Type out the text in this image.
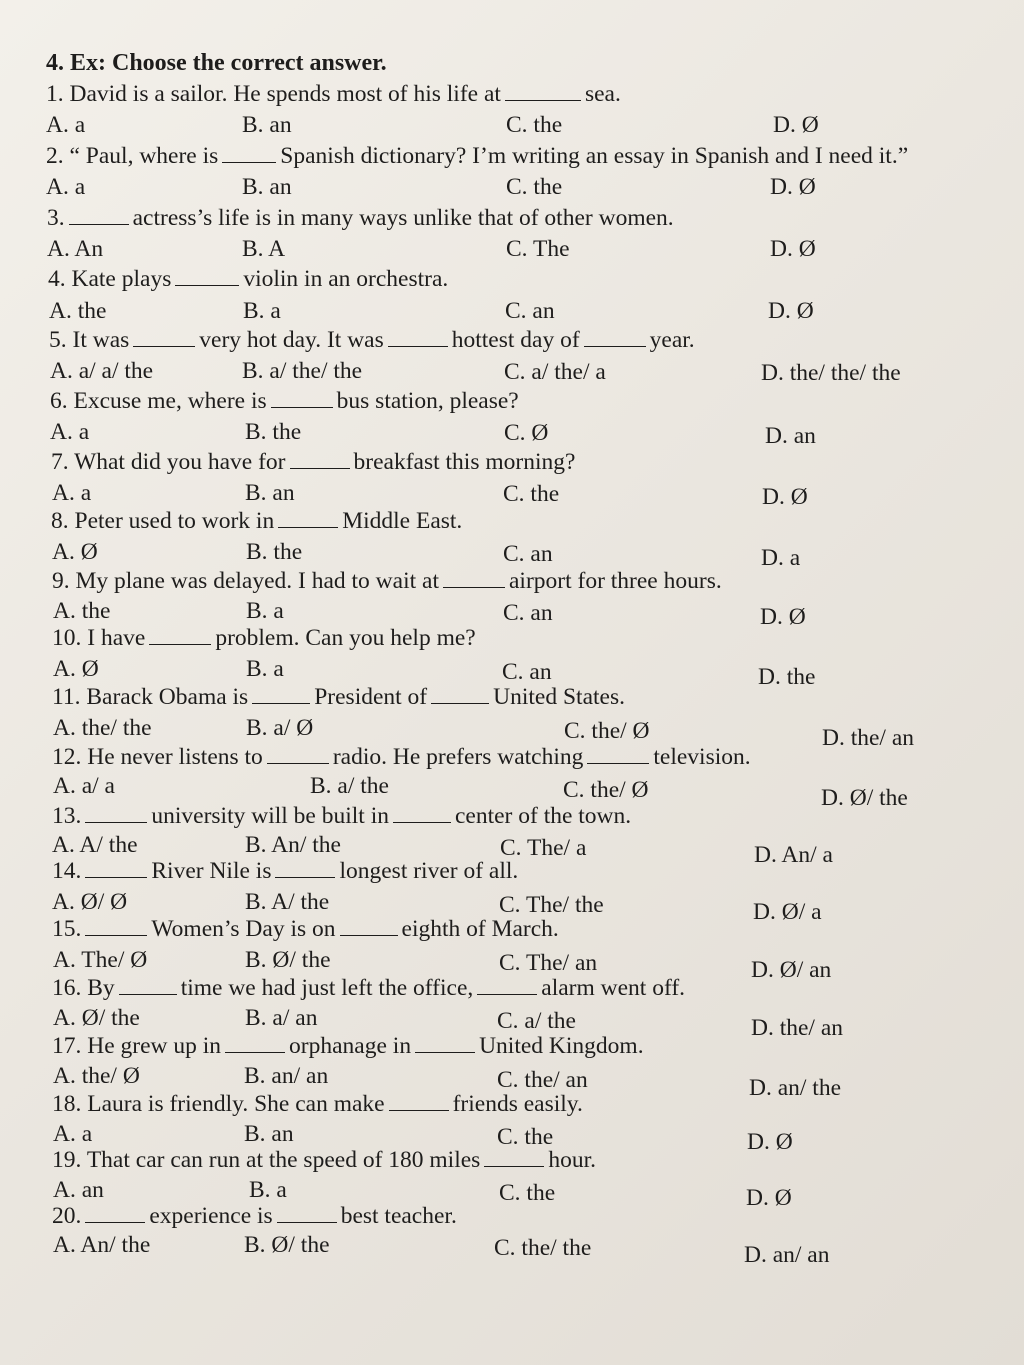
4. Ex: Choose the correct answer.
1. David is a sailor. He spends most of his life at	sea.
A. a	B. an	C. the	D. Ø
2. “ Paul, where is	Spanish dictionary? I’m writing an essay in Spanish and I need it.”
A. a	B. an	C. the	D. Ø
3.	actress’s life is in many ways unlike that of other women.
A. An	B. A	C. The	D. Ø
4. Kate plays	violin in an orchestra.
A. the	B. a	C. an	D. Ø
5. It was	very hot day. It was	hottest day of	year.
A. a/ a/ the	B. a/ the/ the	C. a/ the/ a	D. the/ the/ the
6. Excuse me, where is	bus station, please?
A. a	B. the	C. Ø	D. an
7. What did you have for	breakfast this morning?
A. a	B. an	C. the	D. Ø
8. Peter used to work in	Middle East.
A. Ø	B. the	C. an	D. a
9. My plane was delayed. I had to wait at	airport for three hours.
A. the	B. a	C. an	D. Ø
10. I have	problem. Can you help me?
A. Ø	B. a	C. an	D. the
11. Barack Obama is	President of	United States.
A. the/ the	B. a/ Ø	C. the/ Ø	D. the/ an
12. He never listens to	radio. He prefers watching	television.
A. a/ a	B. a/ the	C. the/ Ø	D. Ø/ the
13.	university will be built in	center of the town.
A. A/ the	B. An/ the	C. The/ a	D. An/ a
14.	River Nile is	longest river of all.
A. Ø/ Ø	B. A/ the	C. The/ the	D. Ø/ a
15.	Women’s Day is on	eighth of March.
A. The/ Ø	B. Ø/ the	C. The/ an	D. Ø/ an
16. By	time we had just left the office,	alarm went off.
A. Ø/ the	B. a/ an	C. a/ the	D. the/ an
17. He grew up in	orphanage in	United Kingdom.
A. the/ Ø	B. an/ an	C. the/ an	D. an/ the
18. Laura is friendly. She can make	friends easily.
A. a	B. an	C. the	D. Ø
19. That car can run at the speed of 180 miles	hour.
A. an	B. a	C. the	D. Ø
20.	experience is	best teacher.
A. An/ the	B. Ø/ the	C. the/ the	D. an/ an
